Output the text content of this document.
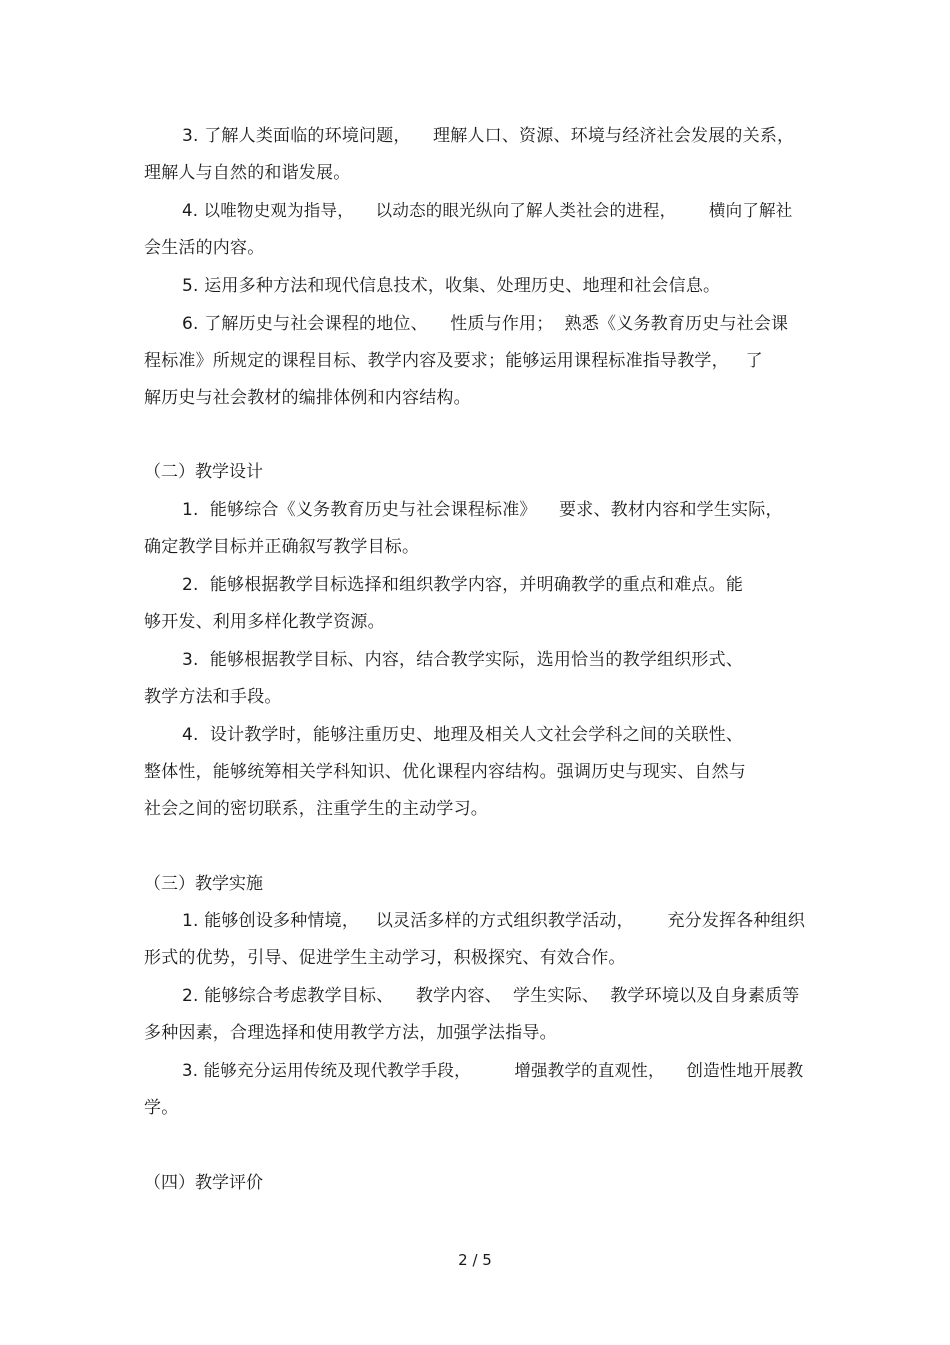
3. 了解人类面临的环境问题，    理解人口、资源、环境与经济社会发展的关系，
理解人与自然的和谐发展。
4. 以唯物史观为指导，    以动态的眼光纵向了解人类社会的进程，      横向了解社
会生活的内容。
5. 运用多种方法和现代信息技术，收集、处理历史、地理和社会信息。
6. 了解历史与社会课程的地位、    性质与作用；  熟悉《义务教育历史与社会课
程标准》所规定的课程目标、教学内容及要求；能够运用课程标准指导教学，   了
解历史与社会教材的编排体例和内容结构。
（二）教学设计
1.  能够综合《义务教育历史与社会课程标准》    要求、教材内容和学生实际，
确定教学目标并正确叙写教学目标。
2.  能够根据教学目标选择和组织教学内容，并明确教学的重点和难点。能
够开发、利用多样化教学资源。
3.  能够根据教学目标、内容，结合教学实际，选用恰当的教学组织形式、
教学方法和手段。
4.  设计教学时，能够注重历史、地理及相关人文社会学科之间的关联性、
整体性，能够统筹相关学科知识、优化课程内容结构。强调历史与现实、自然与
社会之间的密切联系，注重学生的主动学习。
（三）教学实施
1. 能够创设多种情境，   以灵活多样的方式组织教学活动，      充分发挥各种组织
形式的优势，引导、促进学生主动学习，积极探究、有效合作。
2. 能够综合考虑教学目标、    教学内容、  学生实际、  教学环境以及自身素质等
多种因素，合理选择和使用教学方法，加强学法指导。
3. 能够充分运用传统及现代教学手段，        增强教学的直观性，    创造性地开展教
学。
（四）教学评价
2 / 5
